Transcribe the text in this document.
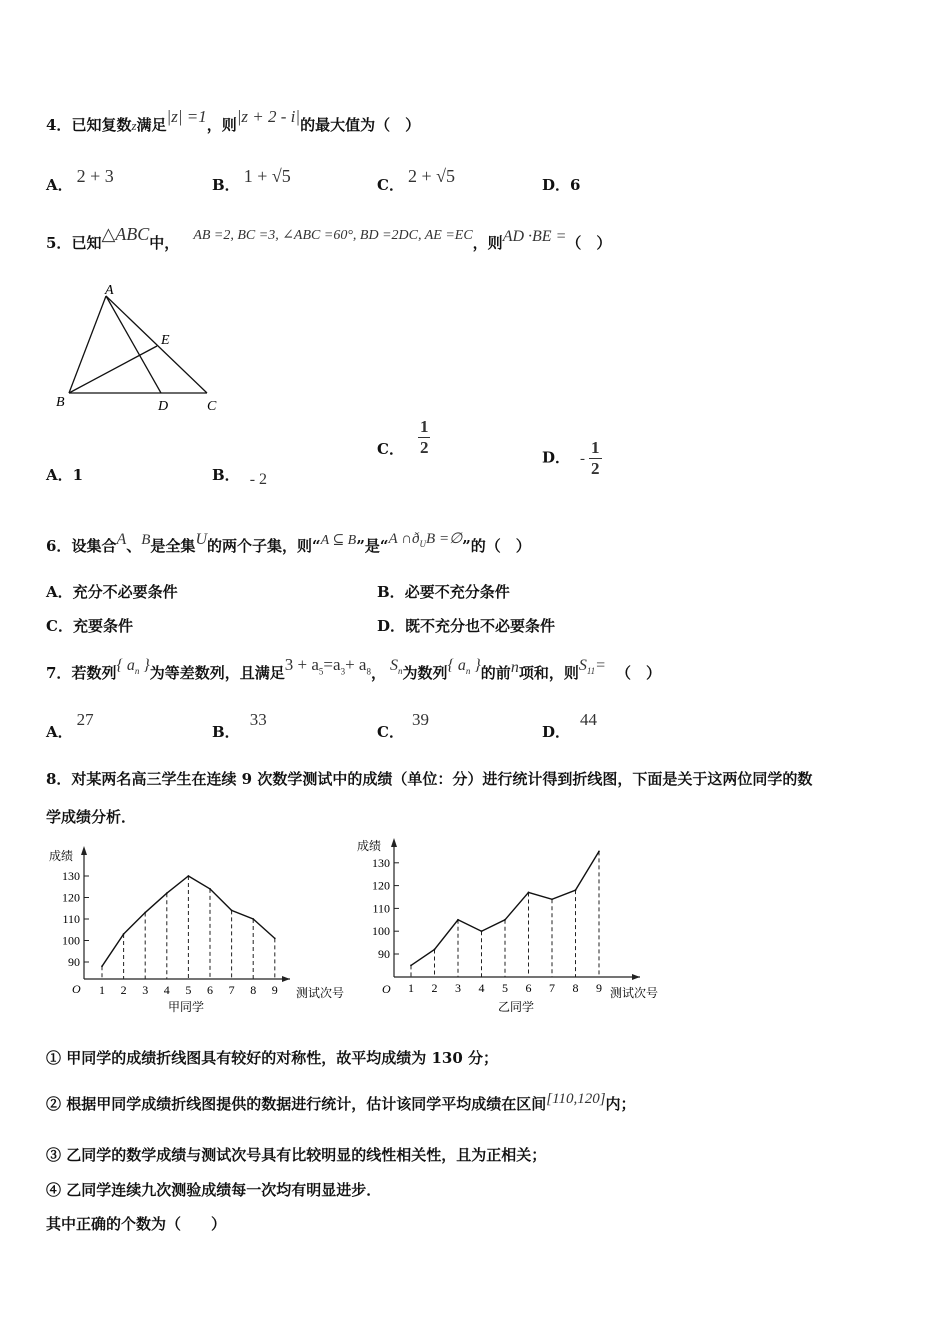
4．已知复数z满足|z| =1，则|z + 2 - i|的最大值为（　）
A． 2 + 3	B． 1 + √5	C． 2 + √5	D．6
5．已知△ABC中， AB =2, BC =3, ∠ABC =60°, BD =2DC, AE =EC，则AD ·BE =（　）
A
B	D	C
E
A．1	B． - 2
C． $\frac{1}{2}$	D． - $\frac{1}{2}$
6．设集合A、B是全集U的两个子集，则“A ⊆ B”是“A $\cap ð_UB$ =∅”的（　）
A．充分不必要条件	B．必要不充分条件
C．充要条件	D．既不充分也不必要条件
7．若数列{ $a_n$ }为等差数列，且满足$3 + a_5=a_3+ a_8$， $S_n$为数列{ $a_n$ }的前n项和，则$S_{11}=$ （　）
A．27
B．33
C．39
D．44
8．对某两名高三学生在连续 9 次数学测试中的成绩（单位：分）进行统计得到折线图，下面是关于这两位同学的数
学成绩分析．
成绩
测试次号
甲同学
O
90
100
110
120
130
1 2 3 4 5 6 7 8 9
成绩
测试次号
乙同学
O
90
100
110
120
130
1 2 3 4 5 6 7 8 9
① 甲同学的成绩折线图具有较好的对称性，故平均成绩为 130 分；
② 根据甲同学成绩折线图提供的数据进行统计，估计该同学平均成绩在区间[110,120]内；
③ 乙同学的数学成绩与测试次号具有比较明显的线性相关性，且为正相关；
④ 乙同学连续九次测验成绩每一次均有明显进步．
其中正确的个数为（　　）
